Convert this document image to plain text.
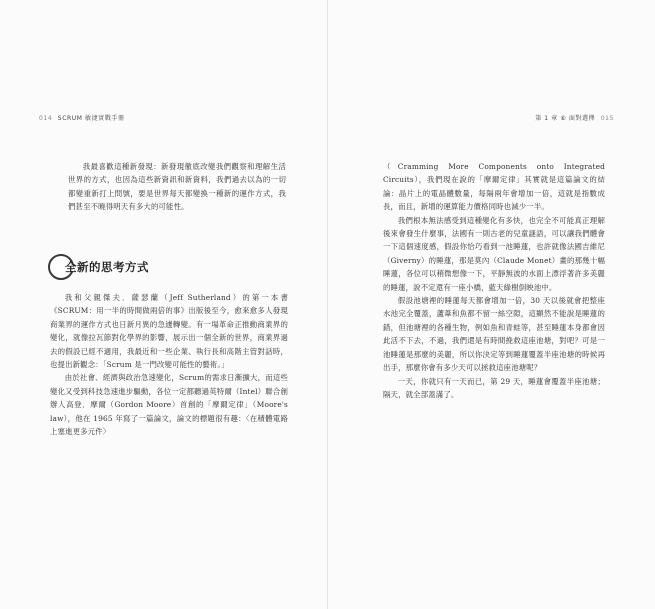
014 SCRUM 敏捷實戰手冊

我最喜歡這種新發現：新發現徹底改變我們觀察和理解生活世界的方式，也因為這些新資訊和新資料，我們過去以為的一切都變重新打上問號，要是世界每天都變換一種新的運作方式，我們甚至不曉得明天有多大的可能性。

全新的思考方式

我和父親傑夫．薩瑟蘭（Jeff Sutherland）的第一本書《SCRUM：用一半的時間做兩倍的事》出版後至今，愈來愈多人發現商業界的運作方式也日新月異的急遽轉變。有一場革命正推動商業界的變化，就像拉瓦節對化學界的影響，展示出一個全新的世界，商業界過去的假設已經不適用，我最近和一些企業、執行長和高階主管對話時，也提出新觀念：「Scrum 是一門改變可能性的藝術。」

由於社會、經濟與政治急速變化，Scrum的需求日漸擴大，而這些變化又受到科技急速進步驅動，各位一定都聽過英特爾（Intel）聯合創辦人高登．摩爾（Gordon Moore）首創的「摩爾定律」（Moore's law），他在 1965 年寫了一篇論文，論文的標題很有趣：〈在積體電路上塞進更多元件〉

第 1 章 ⑥ 面對選擇 015

（Cramming More Components onto Integrated Circuits），我們現在說的「摩爾定律」其實就是這篇論文的結論：晶片上的電晶體數量，每隔兩年會增加一倍，這就是指數成長，而且，新增的運算能力價格同時也減少一半。

我們根本無法感受到這種變化有多快，也完全不可能真正理解後來會發生什麼事，法國有一則古老的兒童謎語，可以讓我們體會一下這個速度感，假設你恰巧看到一池睡蓮，也許就像法國吉維尼（Giverny）的睡蓮，那是莫內（Claude Monet）畫的那幾十幅睡蓮，各位可以稍微想像一下，平靜無波的水面上漂浮著許多美麗的睡蓮，說不定還有一座小橋，藍天綠樹倒映池中。

假設池塘裡的睡蓮每天都會增加一倍，30 天以後就會把整座水池完全覆蓋，蘆葦和魚都不留一絲空隙，這顯然不能說是睡蓮的錯，但池塘裡的各種生物，例如魚和青蛙等，甚至睡蓮本身都會因此活不下去，不過，我們還是有時間挽救這座池塘，對吧？可是一池睡蓮是那麼的美麗，所以你決定等到睡蓮覆蓋半座池塘的時候再出手，那麼你會有多少天可以拯救這座池塘呢？

一天，你就只有一天而已，第 29 天，睡蓮會覆蓋半座池塘；隔天，就全部蓋滿了。
